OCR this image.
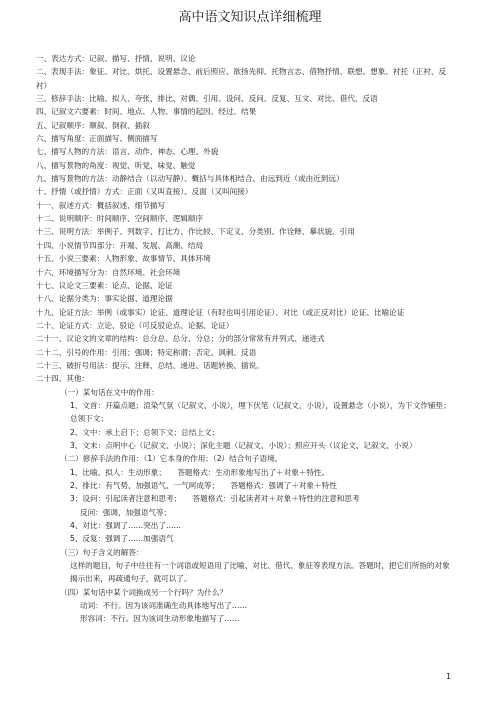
高中语文知识点详细梳理
一、表达方式：记叙、描写、抒情、说明、议论
二、表现手法：象征、对比、烘托、设置悬念、前后照应、欲扬先抑、托物言志、借物抒情、联想、想象、衬托（正衬、反衬）
三、修辞手法：比喻、拟人、夸张、排比、对偶、引用、设问、反问、反复、互文、对比、借代、反语
四、记叙文六要素：时间、地点、人物、事情的起因、经过、结果
五、记叙顺序：顺叙、倒叙、插叙
六、描写角度：正面描写、侧面描写
七、描写人物的方法：语言、动作、神态、心理、外貌
八、描写景物的角度：视觉、听觉、味觉、触觉
九、描写景物的方法：动静结合（以动写静）、概括与具体相结合、由远到近（或由近到远）
十、抒情（或抒情）方式：正面（又叫直接）、反面（又叫间接）
十一、叙述方式：概括叙述、细节描写
十二、说明顺序：时间顺序、空间顺序、逻辑顺序
十三、说明方法：举例子、列数字、打比方、作比较、下定义、分类别、作诠释、摹状貌、引用
十四、小说情节四部分：开端、发展、高潮、结局
十五、小说三要素：人物形象、故事情节、具体环境
十六、环境描写分为：自然环境、社会环境
十七、议论文三要素：论点、论据、论证
十八、论据分类为：事实论据、道理论据
十九、论证方法：举例（或事实）论证、道理论证（有时也叫引用论证）、对比（或正反对比）论证、比喻论证
二十、论证方式：立论、驳论（可反驳论点、论据、论证）
二十一、议论文的文章的结构：总分总、总分、分总；分的部分常常有并列式、递进式
二十二、引号的作用：引用；强调；特定称谓；否定、讽刺、反语
二十三、破折号用法：提示、注释、总结、递进、话题转换、插说。
二十四、其他：
（一）某句话在文中的作用：
1、文首：开篇点题；渲染气氛（记叙文、小说），埋下伏笔（记叙文、小说），设置悬念（小说），为下文作铺垫；总领下文；
2、文中：承上启下；总领下文；总结上文；
3、文末：点明中心（记叙文、小说）；深化主题（记叙文、小说）；照应开头（议论文、记叙文、小说）
（二）修辞手法的作用：（1）它本身的作用；（2）结合句子语境。
1、比喻、拟人：生动形象；　　答题格式：生动形象地写出了＋对象＋特性。
2、排比：有气势、加强语气、一气呵成等；　　答题格式：强调了＋对象＋特性
3；设问：引起读者注意和思考；　　答题格式：引起读者对＋对象＋特性的注意和思考
反问：强调，加强语气等；
4、对比：强调了……突出了……
5、反复：强调了……加强语气
（三）句子含义的解答：
这样的题目，句子中往往有一个词语或短语用了比喻、对比、借代、象征等表现方法。答题时，把它们所指的对象揭示出来，再疏通句子，就可以了。
（四）某句话中某个词换成另一个行吗？为什么？
动词：不行。因为该词准确生动具体地写出了……
形容词：不行。因为该词生动形象地描写了……
1
